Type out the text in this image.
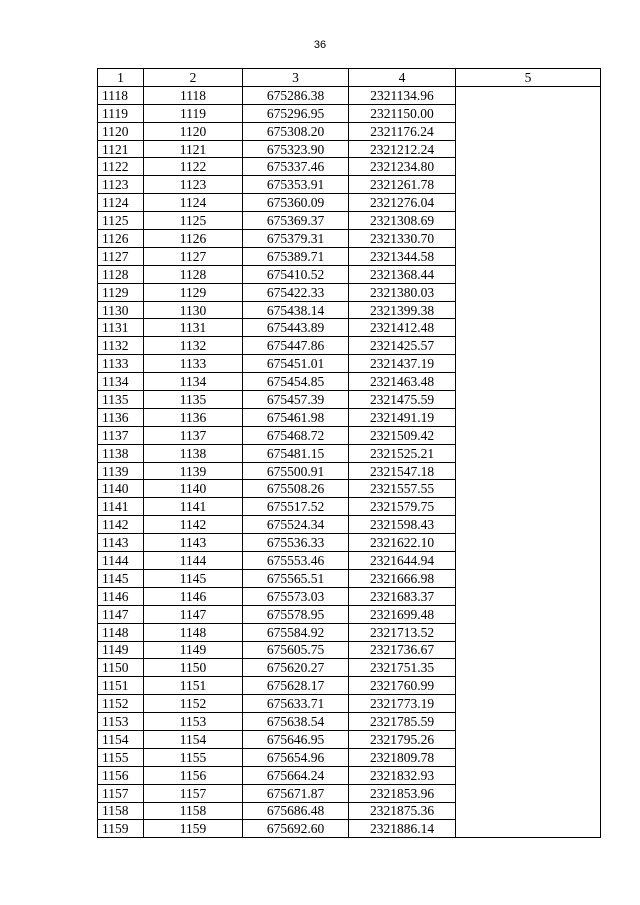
36
1	2	3	4	5
1118	1118	675286.38	2321134.96	
1119	1119	675296.95	2321150.00	
1120	1120	675308.20	2321176.24	
1121	1121	675323.90	2321212.24	
1122	1122	675337.46	2321234.80	
1123	1123	675353.91	2321261.78	
1124	1124	675360.09	2321276.04	
1125	1125	675369.37	2321308.69	
1126	1126	675379.31	2321330.70	
1127	1127	675389.71	2321344.58	
1128	1128	675410.52	2321368.44	
1129	1129	675422.33	2321380.03	
1130	1130	675438.14	2321399.38	
1131	1131	675443.89	2321412.48	
1132	1132	675447.86	2321425.57	
1133	1133	675451.01	2321437.19	
1134	1134	675454.85	2321463.48	
1135	1135	675457.39	2321475.59	
1136	1136	675461.98	2321491.19	
1137	1137	675468.72	2321509.42	
1138	1138	675481.15	2321525.21	
1139	1139	675500.91	2321547.18	
1140	1140	675508.26	2321557.55	
1141	1141	675517.52	2321579.75	
1142	1142	675524.34	2321598.43	
1143	1143	675536.33	2321622.10	
1144	1144	675553.46	2321644.94	
1145	1145	675565.51	2321666.98	
1146	1146	675573.03	2321683.37	
1147	1147	675578.95	2321699.48	
1148	1148	675584.92	2321713.52	
1149	1149	675605.75	2321736.67	
1150	1150	675620.27	2321751.35	
1151	1151	675628.17	2321760.99	
1152	1152	675633.71	2321773.19	
1153	1153	675638.54	2321785.59	
1154	1154	675646.95	2321795.26	
1155	1155	675654.96	2321809.78	
1156	1156	675664.24	2321832.93	
1157	1157	675671.87	2321853.96	
1158	1158	675686.48	2321875.36	
1159	1159	675692.60	2321886.14	
